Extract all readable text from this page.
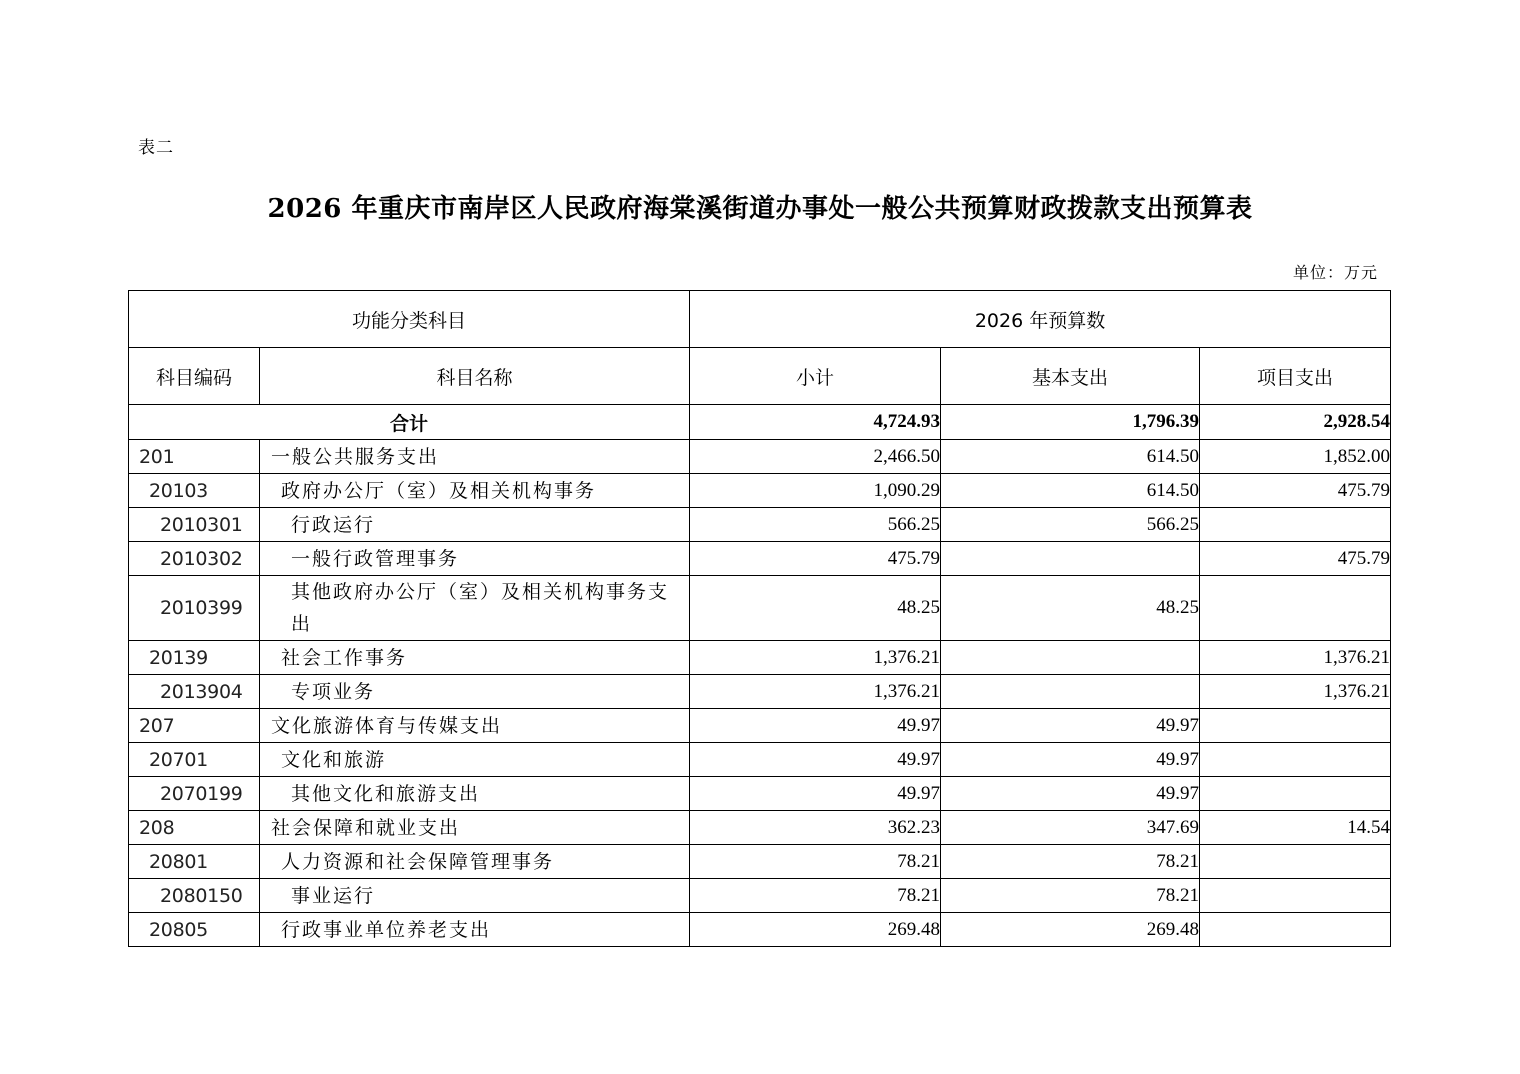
表二
2026 年重庆市南岸区人民政府海棠溪街道办事处一般公共预算财政拨款支出预算表
单位：万元
功能分类科目		2026 年预算数		
科目编码	科目名称	小计	基本支出	项目支出
合计		4,724.93	1,796.39	2,928.54
201	一般公共服务支出	2,466.50	614.50	1,852.00
20103	政府办公厅（室）及相关机构事务	1,090.29	614.50	475.79
2010301	行政运行	566.25	566.25	
2010302	一般行政管理事务	475.79		475.79
2010399	其他政府办公厅（室）及相关机构事务支出	48.25	48.25	
20139	社会工作事务	1,376.21		1,376.21
2013904	专项业务	1,376.21		1,376.21
207	文化旅游体育与传媒支出	49.97	49.97	
20701	文化和旅游	49.97	49.97	
2070199	其他文化和旅游支出	49.97	49.97	
208	社会保障和就业支出	362.23	347.69	14.54
20801	人力资源和社会保障管理事务	78.21	78.21	
2080150	事业运行	78.21	78.21	
20805	行政事业单位养老支出	269.48	269.48	
